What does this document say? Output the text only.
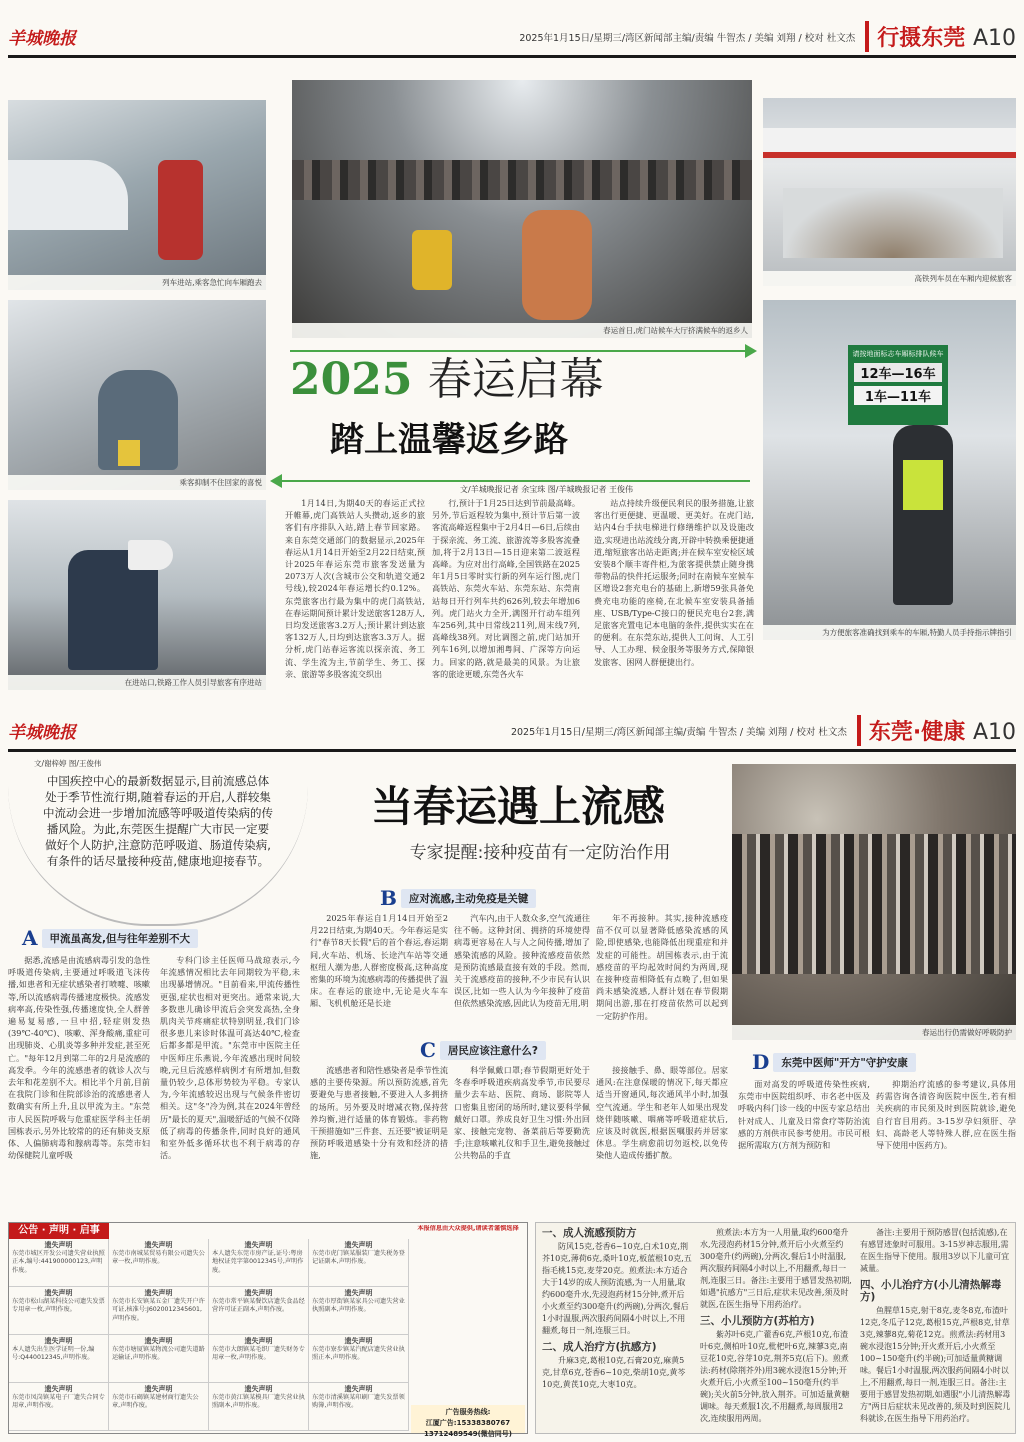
羊城晚报	2025年1月15日/星期三/湾区新闻部主编/责编 牛智杰 / 美编 刘翔 / 校对 杜文杰	行摄东莞 A10
列车进站,乘客急忙向车厢跑去
春运首日,虎门站候车大厅挤满候车的返乡人
高铁列车员在车厢内迎候旅客
乘客抑制不住回家的喜悦
在进站口,铁路工作人员引导旅客有序进站
请按地面标志车厢标排队候车
12车—16车
1车—11车
为方便旅客准确找到乘车的车厢,特勤人员手持指示牌指引
2025 春运启幕
踏上温馨返乡路
文/羊城晚报记者 余宝珠 图/羊城晚报记者 王俊伟

1月14日,为期40天的春运正式拉开帷幕,虎门高铁站人头攒动,返乡的旅客们有序排队入站,踏上春节回家路。来自东莞交通部门的数据显示,2025年春运从1月14日开始至2月22日结束,预计2025年春运东莞市旅客发送量为2073万人次(含城市公交和轨道交通2号线),较2024年春运增长约0.12%。东莞旅客出行最为集中的虎门高铁站,在春运期间预计累计发送旅客128万人,日均发送旅客3.2万人;预计累计到达旅客132万人,日均到达旅客3.3万人。据分析,虎门站春运客流以探亲流、务工流、学生流为主,节前学生、务工、探亲、旅游等多股客流交织出

行,预计于1月25日达到节前最高峰。另外,节后返程较为集中,预计节后第一波客流高峰返程集中于2月4日—6日,后续由于探亲流、务工流、旅游流等多股客流叠加,将于2月13日—15日迎来第二波返程高峰。为应对出行高峰,全国铁路在2025年1月5日零时实行新的列车运行图,虎门高铁站、东莞火车站、东莞东站、东莞南站每日开行列车共约626列,较去年增加6列。虎门站火力全开,满图开行动车组列车256列,其中日常线211列,周末线7列,高峰线38列。对比调图之前,虎门站加开列车16列,以增加湘粤间、广深等方向运力。回家的路,就是最美的风景。为让旅客的旅途更暖,东莞各火车

站点持续升级便民利民的服务措施,让旅客出行更便捷、更温暖、更美好。在虎门站,站内4台手扶电梯进行修缮维护以及设施改造,实现进出站流线分离,开辟中转换乘便捷通道,缩短旅客出站走距离;并在候车室安检区域安装8个顺丰寄件柜,为旅客提供禁止随身携带物品的快件托运服务;同时在南候车室候车区增设2套充电台的基础上,新增59张具备免费充电功能的座椅,在北候车室安装具备插座、USB/Type-C接口的便民充电台2套,满足旅客充置电记本电脑的条件,提供实实在在的便利。在东莞东站,提供人工问询、人工引导、人工办理、候金服务等服务方式,保障银发旅客、困网人群便捷出行。

羊城晚报	2025年1月15日/星期三/湾区新闻部主编/责编 牛智杰 / 美编 刘翔 / 校对 杜文杰	东莞·健康 A10
文/谢梓婷 图/王俊伟
中国疾控中心的最新数据显示,目前流感总体处于季节性流行期,随着春运的开启,人群较集中流动会进一步增加流感等呼吸道传染病的传播风险。为此,东莞医生提醒广大市民一定要做好个人防护,注意防范呼吸道、肠道传染病,有条件的话尽量接种疫苗,健康地迎接春节。
当春运遇上流感
专家提醒:接种疫苗有一定防治作用
春运出行仍需做好呼吸防护
A	甲流虽高发,但与往年差别不大

据悉,流感是由流感病毒引发的急性呼吸道传染病,主要通过呼吸道飞沫传播,如患者和无症状感染者打喷嚏、咳嗽等,所以流感病毒传播速度极快。流感发病率高,传染性强,传播速度快,全人群普遍易复易感,一旦中招,轻症则发热(39℃-40℃)、咳嗽、浑身酸痛,重症可出现肺炎、心肌炎等多种并发症,甚至死亡。"每年12月到第二年的2月是流感的高发季。今年的流感患者的就诊人次与去年和花差别不大。相比半个月前,目前在我院门诊和住院部诊治的流感患者人数确实有所上升,且以甲流为主。"东莞市人民医院呼吸与危重症医学科主任胡国栋表示,另外比较常的的还有肺炎支原体、人偏肺病毒和腺病毒等。东莞市妇幼保健院儿童呼吸

专科门诊主任医师马战琼表示,今年流感情况相比去年同期较为平稳,未出现暴增情况。"目前看来,甲流传播性更强,症状也相对更突出。通常来说,大多数患儿确诊甲流后会突发高热,全身肌肉关节疼痛症状特别明显,我们门诊很多患儿来诊时体温可高达40℃,检查后都多都是甲流。"东莞市中医院主任中医师庄乐燕说,今年流感出现时间较晚,元旦后流感样病例才有所增加,但数量仍较少,总体形势较为平稳。专家认为,今年流感较迟出现与气候条件密切相关。这"冬"冷为例,其在2024年曾经历"最长的夏天",温暖舒适的气候不仅降低了病毒的传播条件,同时良好的通风和室外低多循环状也不利于病毒的存活。

B	应对流感,主动免疫是关键

2025年春运自1月14日开始至2月22日结束,为期40天。今年春运是实行"春节8天长假"后的首个春运,春运期间,火车站、机场、长途汽车站等交通枢纽人潮为患,人群密度极高,这种高度密集的环境为流感病毒的传播提供了温床。在春运的旅途中,无论是火车车厢、飞机机舱还是长途

汽车内,由于人数众多,空气流通往往不畅。这种封闭、拥挤的环境使得病毒更容易在人与人之间传播,增加了感染流感的风险。接种流感疫苗依然是预防流感最直接有效的手段。然而,关于流感疫苗的接种,不少市民有认识误区,比如一些人认为今年接种了疫苗但依然感染流感,因此认为疫苗无用,明

年不再接种。其实,接种流感疫苗不仅可以显著降低感染流感的风险,即使感染,也能降低出现重症和并发症的可能性。胡国栋表示,由于流感疫苗的平均起效时间约为两周,现在接种疫苗相降低有点晚了,但如果尚未感染流感,人群计划在春节假期期间出游,那在打疫苗依然可以起到一定防护作用。

C	居民应该注意什么?

流感患者和陪性感染者是季节性流感的主要传染源。所以预防流感,首先要避免与患者接触,不要进入人多拥挤的场所。另外要及时增减衣物,保持营养均衡,进行适量的体育锻炼。非药物干预措施如"三件套、五还要"被证明是预防呼吸道感染十分有效和经济的措施,

科学佩戴口罩;春节假期更好处于冬春季呼吸道疾病高发季节,市民要尽量少去车站、医院、商场、影院等人口密集且密闭的场所时,建议要科学佩戴好口罩。养成良好卫生习惯:外出回家、接触完宠物、备菜前后等要勤洗手;注意咳嗽礼仪和手卫生,避免接触过公共物品的手直

接接触手、鼻、眼等部位。居家通风:在注意保暖的情况下,每天都应适当开窗通风,每次通风半小时,加强空气流通。学生和老年人如果出现发烧伴随咳嗽、咽痛等呼吸道症状后,应该及时就医,根据医嘱服药并居家休息。学生病愈前切勿返校,以免传染他人造成传播扩散。

D	东莞中医师"开方"守护安康

面对高发的呼吸道传染性疾病,东莞市中医院组织呼、市名老中医及呼吸内科门诊一线的中医专家总结出针对成人、儿童及日常食疗等防治流感的方剂供市民参考使用。市民可根据所需取方(方剂为预防和

抑期治疗流感的参考建议,具体用药需咨询各清咨询医院中医生,若有相关疾病的市民须及时到医院就诊,避免自行盲目用药。3-15岁孕妇须肝、孕妇、高龄老人等特殊人群,应在医生指导下使用中医药方)。

公告 · 声明 · 启事
遗失声明
东莞市城区开发公司遗失营业执照正本,编号:441900000123,声明作废。
遗失声明
东莞市南城某贸易有限公司遗失公章一枚,声明作废。
遗失声明
本人遗失东莞市房产证,证号:粤房地权证莞字第0012345号,声明作废。
遗失声明
东莞市虎门镇某服装厂遗失税务登记证副本,声明作废。
遗失声明
东莞市松山湖某科技公司遗失发票专用章一枚,声明作废。
遗失声明
东莞市长安镇某五金厂遗失开户许可证,核准号:J6020012345601,声明作废。
遗失声明
东莞市常平镇某餐饮店遗失食品经营许可证正副本,声明作废。
遗失声明
东莞市厚街镇某家具公司遗失营业执照副本,声明作废。
遗失声明
本人遗失出生医学证明一份,编号:Q440012345,声明作废。
遗失声明
东莞市塘厦镇某物流公司遗失道路运输证,声明作废。
遗失声明
东莞市大朗镇某毛织厂遗失财务专用章一枚,声明作废。
遗失声明
东莞市寮步镇某汽配店遗失营业执照正本,声明作废。
遗失声明
东莞市凤岗镇某电子厂遗失合同专用章,声明作废。
遗失声明
东莞市石碣镇某建材商行遗失公章,声明作废。
遗失声明
东莞市黄江镇某模具厂遗失营业执照副本,声明作废。
遗失声明
东莞市清溪镇某印刷厂遗失发票领购簿,声明作废。
本报信息由大众提供,请读者谨慎选择
广告服务热线:
江厦广告:15338380767 13712489549(微信同号)
一、成人流感预防方

防风15克,苍香6~10克,白术10克,荆芥10克,薄荷6克,桑叶10克,板蓝根10克,五指毛桃15克,麦芽20克。煎煮法:本方适合大于14岁的成人预防流感,为一人用量,取约600毫升水,先浸泡药材15分钟,煮开后小火煮至约300毫升(约两碗),分两次,餐后1小时温服,两次服药间隔4小时以上,不用翻煮,每日一剂,连服三日。

二、成人治疗方(抗感方)

升麻3克,葛根10克,石膏20克,麻黄5克,甘草6克,苍香6~10克,柴胡10克,黄芩10克,黄芪10克,大枣10克。

煎煮法:本方为一人用量,取约600毫升水,先浸泡药材15分钟,煮开后小火煮至约300毫升(约两碗),分两次,餐后1小时温服,两次服药间隔4小时以上,不用翻煮,每日一剂,连服三日。备注:主要用于感冒发热初期,如遇"抗感方"三日后,症状未见改善,须及时就医,在医生指导下用药治疗。

三、小儿预防方(苏柏方)

紫苏叶6克,广藿香6克,芦根10克,布渣叶6克,侧柏叶10克,枇杷叶6克,辣蓼3克,南豆花10克,谷芽10克,荆芥5克(后下)。煎煮法:药材(除荆芥外)用3碗水浸泡15分钟;开火煮开后,小火煮至100~150毫升(约半碗);关火前5分钟,放入荆芥。可加适量黄糖调味。每天煮服1次,不用翻煮,每周服用2次,连续服用两周。

备注:主要用于预防感冒(包括流感),在有感冒迹象时可服用。3-15岁神志服用,需在医生指导下使用。服用3岁以下儿童可宜减量。

四、小儿治疗方(小儿清热解毒方)

鱼腥草15克,射干8克,麦冬8克,布渣叶12克,冬瓜子12克,葛根15克,芦根8克,甘草3克,辣蓼8克,菊花12克。煎煮法:药材用3碗水浸泡15分钟;开火煮开后,小火煮至100~150毫升(约半碗);可加适量黄糖调味。餐后1小时温服,两次服药间隔4小时以上,不用翻煮,每日一剂,连服三日。备注:主要用于感冒发热初期,如遇服"小儿清热解毒方"两日后症状未见改善的,须及时到医院儿科就诊,在医生指导下用药治疗。
